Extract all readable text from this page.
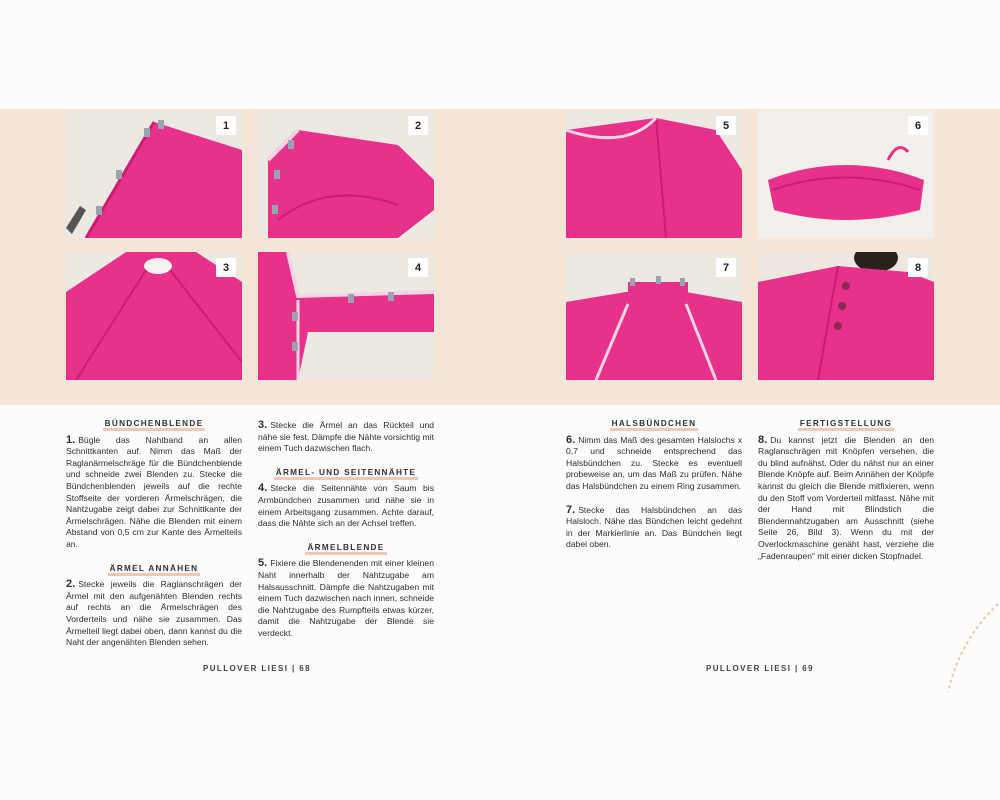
1	2
3	4
5	6
7	8
BÜNDCHENBLENDE

1. Bügle das Nahtband an allen Schnittkanten auf. Nimm das Maß der Raglanärmelschräge für die Bündchenblende und schneide zwei Blenden zu. Stecke die Bündchenblenden jeweils auf die rechte Stoffseite der vorderen Ärmelschrägen, die Nahtzugabe zeigt dabei zur Schnittkante der Ärmelschrägen. Nähe die Blenden mit einem Abstand von 0,5 cm zur Kante des Ärmelteils an.

ÄRMEL ANNÄHEN

2. Stecke jeweils die Raglanschrägen der Ärmel mit den aufgenähten Blenden rechts auf rechts an die Ärmelschrägen des Vorderteils und nähe sie zusammen. Das Ärmelteil liegt dabei oben, dann kannst du die Naht der angenähten Blenden sehen.

3. Stecke die Ärmel an das Rückteil und nähe sie fest. Dämpfe die Nähte vorsichtig mit einem Tuch dazwischen flach.

ÄRMEL- UND SEITENNÄHTE

4. Stecke die Seitennähte von Saum bis Armbündchen zusammen und nähe sie in einem Arbeitsgang zusammen. Achte darauf, dass die Nähte sich an der Achsel treffen.

ÄRMELBLENDE

5. Fixiere die Blendenenden mit einer kleinen Naht innerhalb der Nahtzugabe am Halsausschnitt. Dämpfe die Nahtzugaben mit einem Tuch dazwischen nach innen, schneide die Nahtzugabe des Rumpfteils etwas kürzer, damit die Nahtzugabe der Blende sie verdeckt.

HALSBÜNDCHEN

6. Nimm das Maß des gesamten Halslochs x 0,7 und schneide entsprechend das Halsbündchen zu. Stecke es eventuell probeweise an, um das Maß zu prüfen. Nähe das Halsbündchen zu einem Ring zusammen.

7. Stecke das Halsbündchen an das Halsloch. Nähe das Bündchen leicht gedehnt in der Markierlinie an. Das Bündchen liegt dabei oben.

FERTIGSTELLUNG

8. Du kannst jetzt die Blenden an den Raglanschrägen mit Knöpfen versehen, die du blind aufnähst. Oder du nähst nur an einer Blende Knöpfe auf. Beim Annähen der Knöpfe kannst du gleich die Blende mitfixieren, wenn du den Stoff vom Vorderteil mitfasst. Nähe mit der Hand mit Blindstich die Blendennahtzugaben am Ausschnitt (siehe Seite 26, Bild 3). Wenn du mit der Overlockmaschine genäht hast, verziehe die „Fadenraupen“ mit einer dicken Stopfnadel.

PULLOVER LIESI | 68	PULLOVER LIESI | 69
